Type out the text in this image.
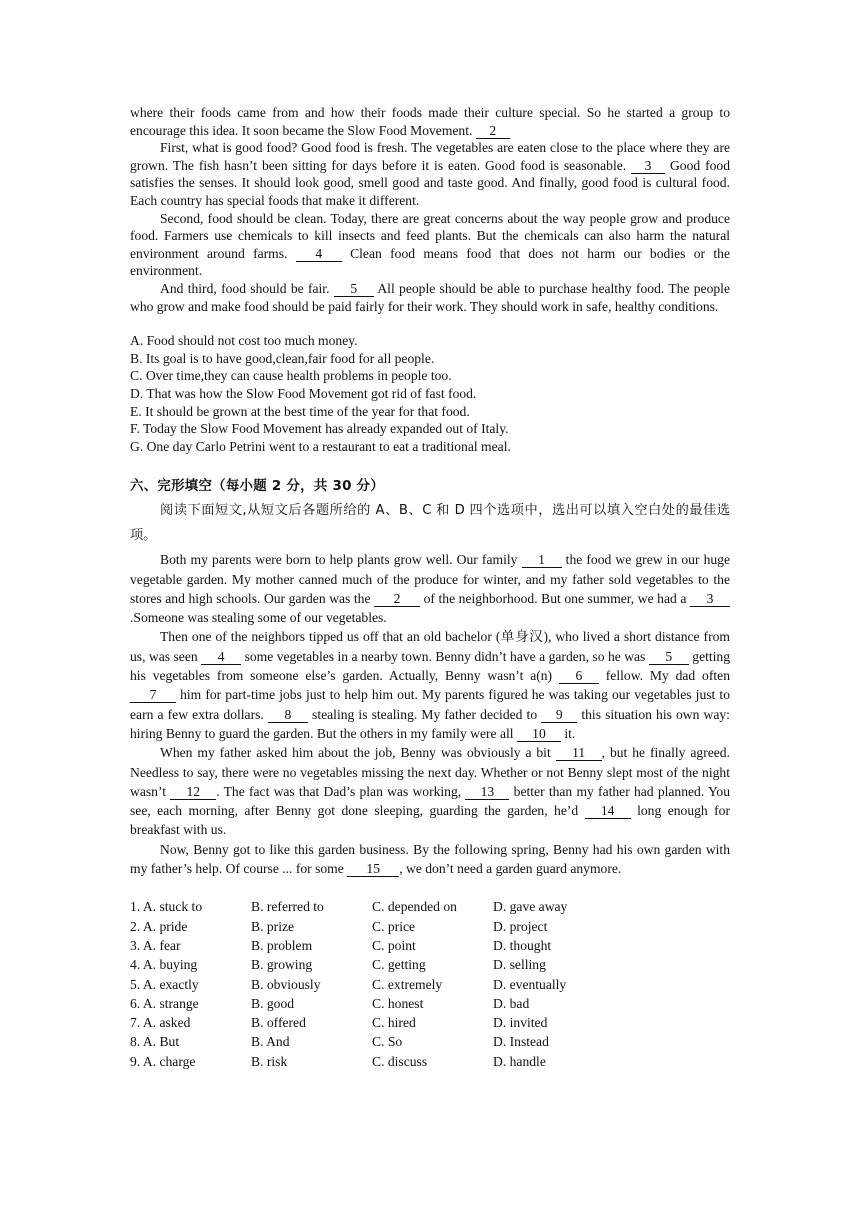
where their foods came from and how their foods made their culture special. So he started a group to encourage this idea. It soon became the Slow Food Movement. 2

First, what is good food? Good food is fresh. The vegetables are eaten close to the place where they are grown. The fish hasn’t been sitting for days before it is eaten. Good food is seasonable. 3 Good food satisfies the senses. It should look good, smell good and taste good. And finally, good food is cultural food. Each country has special foods that make it different.

Second, food should be clean. Today, there are great concerns about the way people grow and produce food. Farmers use chemicals to kill insects and feed plants. But the chemicals can also harm the natural environment around farms. 4 Clean food means food that does not harm our bodies or the environment.

And third, food should be fair. 5 All people should be able to purchase healthy food. The people who grow and make food should be paid fairly for their work. They should work in safe, healthy conditions.

A. Food should not cost too much money.
B. Its goal is to have good,clean,fair food for all people.
C. Over time,they can cause health problems in people too.
D. That was how the Slow Food Movement got rid of fast food.
E. It should be grown at the best time of the year for that food.
F. Today the Slow Food Movement has already expanded out of Italy.
G. One day Carlo Petrini went to a restaurant to eat a traditional meal.
六、完形填空（每小题 2 分，共 30 分）

阅读下面短文,从短文后各题所给的 A、B、C 和 D 四个选项中，选出可以填入空白处的最佳选项。

Both my parents were born to help plants grow well. Our family 1 the food we grew in our huge vegetable garden. My mother canned much of the produce for winter, and my father sold vegetables to the stores and high schools. Our garden was the 2 of the neighborhood. But one summer, we had a 3.Someone was stealing some of our vegetables.

Then one of the neighbors tipped us off that an old bachelor (单身汉), who lived a short distance from us, was seen 4 some vegetables in a nearby town. Benny didn’t have a garden, so he was 5 getting his vegetables from someone else’s garden. Actually, Benny wasn’t a(n) 6 fellow. My dad often 7 him for part-time jobs just to help him out. My parents figured he was taking our vegetables just to earn a few extra dollars. 8 stealing is stealing. My father decided to 9 this situation his own way: hiring Benny to guard the garden. But the others in my family were all 10 it.

When my father asked him about the job, Benny was obviously a bit 11 , but he finally agreed. Needless to say, there were no vegetables missing the next day. Whether or not Benny slept most of the night wasn’t 12 . The fact was that Dad’s plan was working, 13 better than my father had planned. You see, each morning, after Benny got done sleeping, guarding the garden, he’d 14 long enough for breakfast with us.

Now, Benny got to like this garden business. By the following spring, Benny had his own garden with my father’s help. Of course ... for some 15 , we don’t need a garden guard anymore.

1. A. stuck to	B. referred to	C. depended on	D. gave away
2. A. pride	B. prize	C. price	D. project
3. A. fear	B. problem	C. point	D. thought
4. A. buying	B. growing	C. getting	D. selling
5. A. exactly	B. obviously	C. extremely	D. eventually
6. A. strange	B. good	C. honest	D. bad
7. A. asked	B. offered	C. hired	D. invited
8. A. But	B. And	C. So	D. Instead
9. A. charge	B. risk	C. discuss	D. handle
